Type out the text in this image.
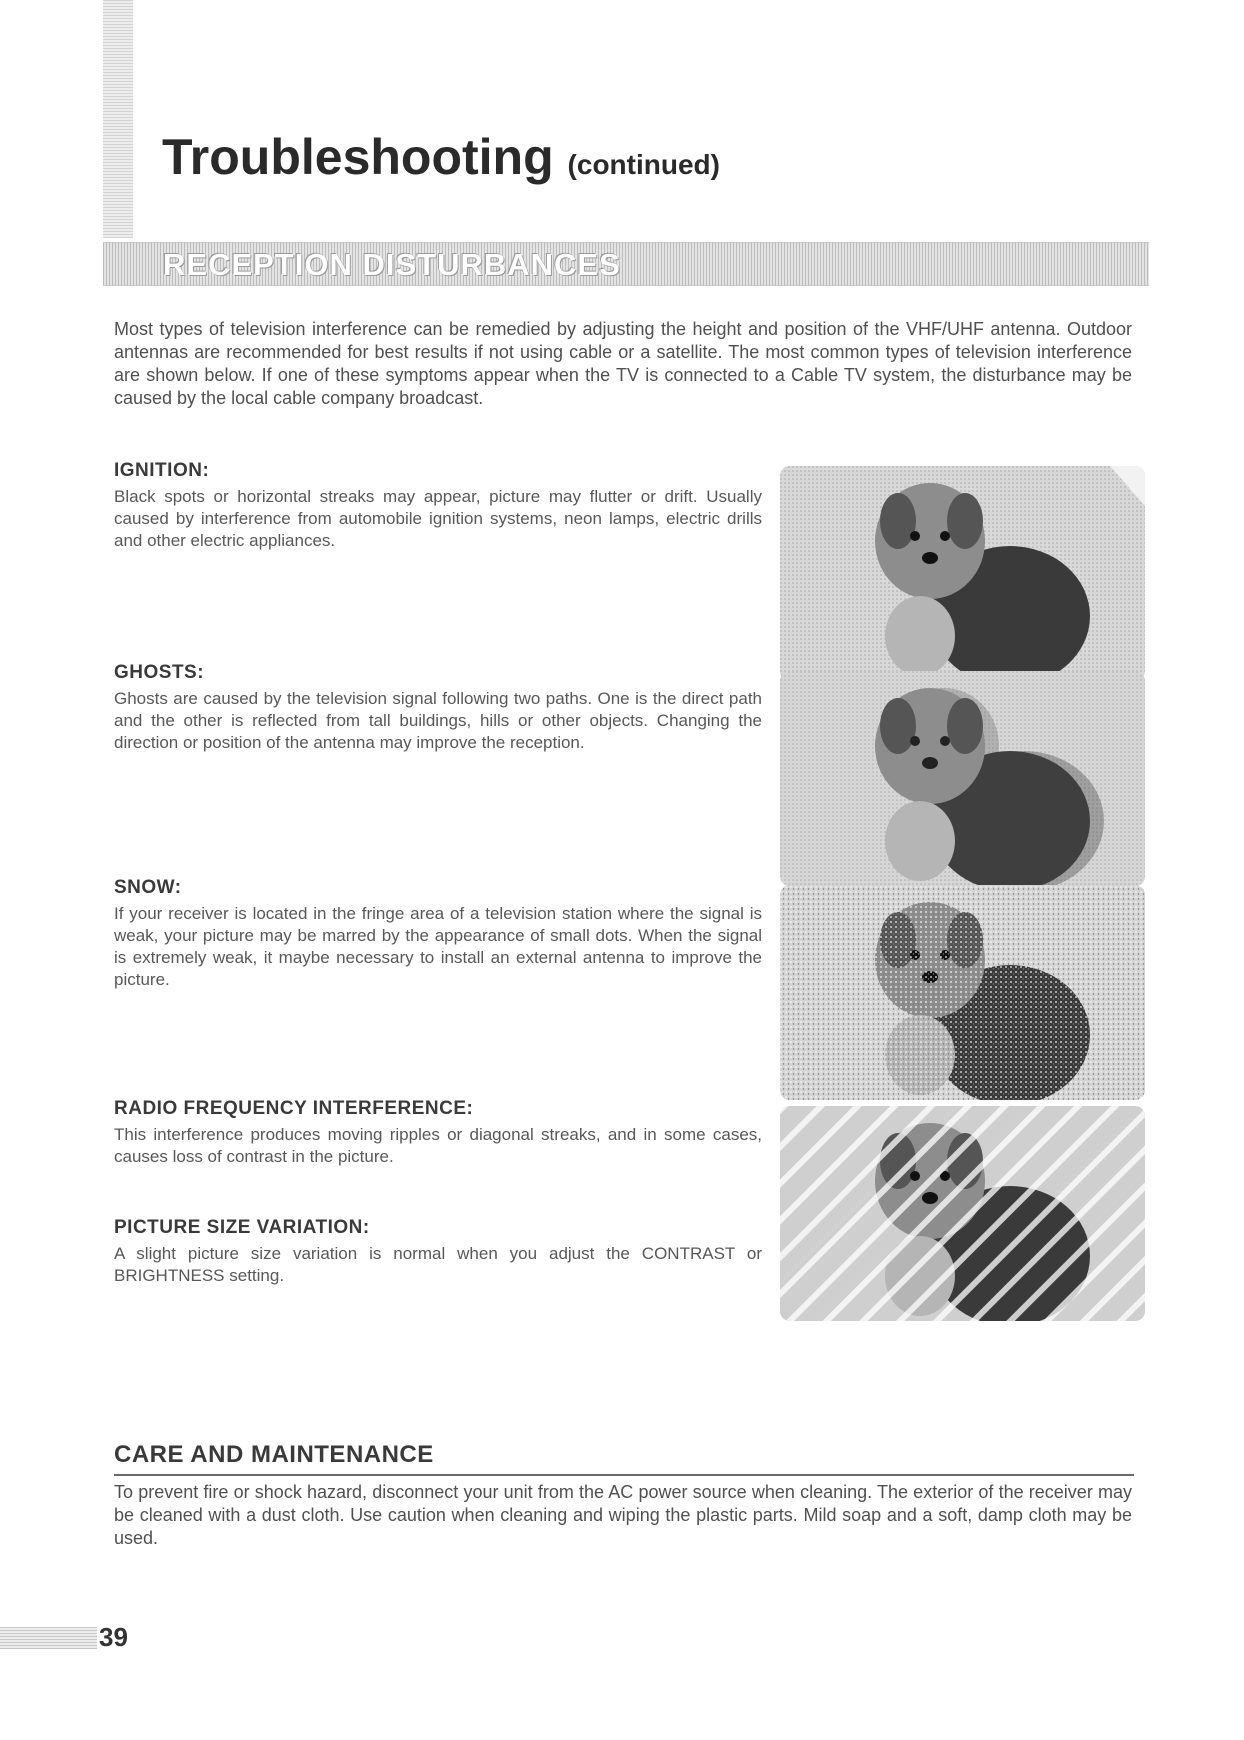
Troubleshooting (continued)
RECEPTION DISTURBANCES

Most types of television interference can be remedied by adjusting the height and position of the VHF/UHF antenna. Outdoor antennas are recommended for best results if not using cable or a satellite. The most common types of television interference are shown below. If one of these symptoms appear when the TV is connected to a Cable TV system, the disturbance may be caused by the local cable company broadcast.

IGNITION:

Black spots or horizontal streaks may appear, picture may flutter or drift. Usually caused by interference from automobile ignition systems, neon lamps, electric drills and other electric appliances.

GHOSTS:

Ghosts are caused by the television signal following two paths. One is the direct path and the other is reflected from tall buildings, hills or other objects. Changing the direction or position of the antenna may improve the reception.

SNOW:

If your receiver is located in the fringe area of a television station where the signal is weak, your picture may be marred by the appearance of small dots. When the signal is extremely weak, it maybe necessary to install an external antenna to improve the picture.

RADIO FREQUENCY INTERFERENCE:

This interference produces moving ripples or diagonal streaks, and in some cases, causes loss of contrast in the picture.

PICTURE SIZE VARIATION:

A slight picture size variation is normal when you adjust the CONTRAST or BRIGHTNESS setting.

CARE AND MAINTENANCE

To prevent fire or shock hazard, disconnect your unit from the AC power source when cleaning. The exterior of the receiver may be cleaned with a dust cloth. Use caution when cleaning and wiping the plastic parts. Mild soap and a soft, damp cloth may be used.

39
